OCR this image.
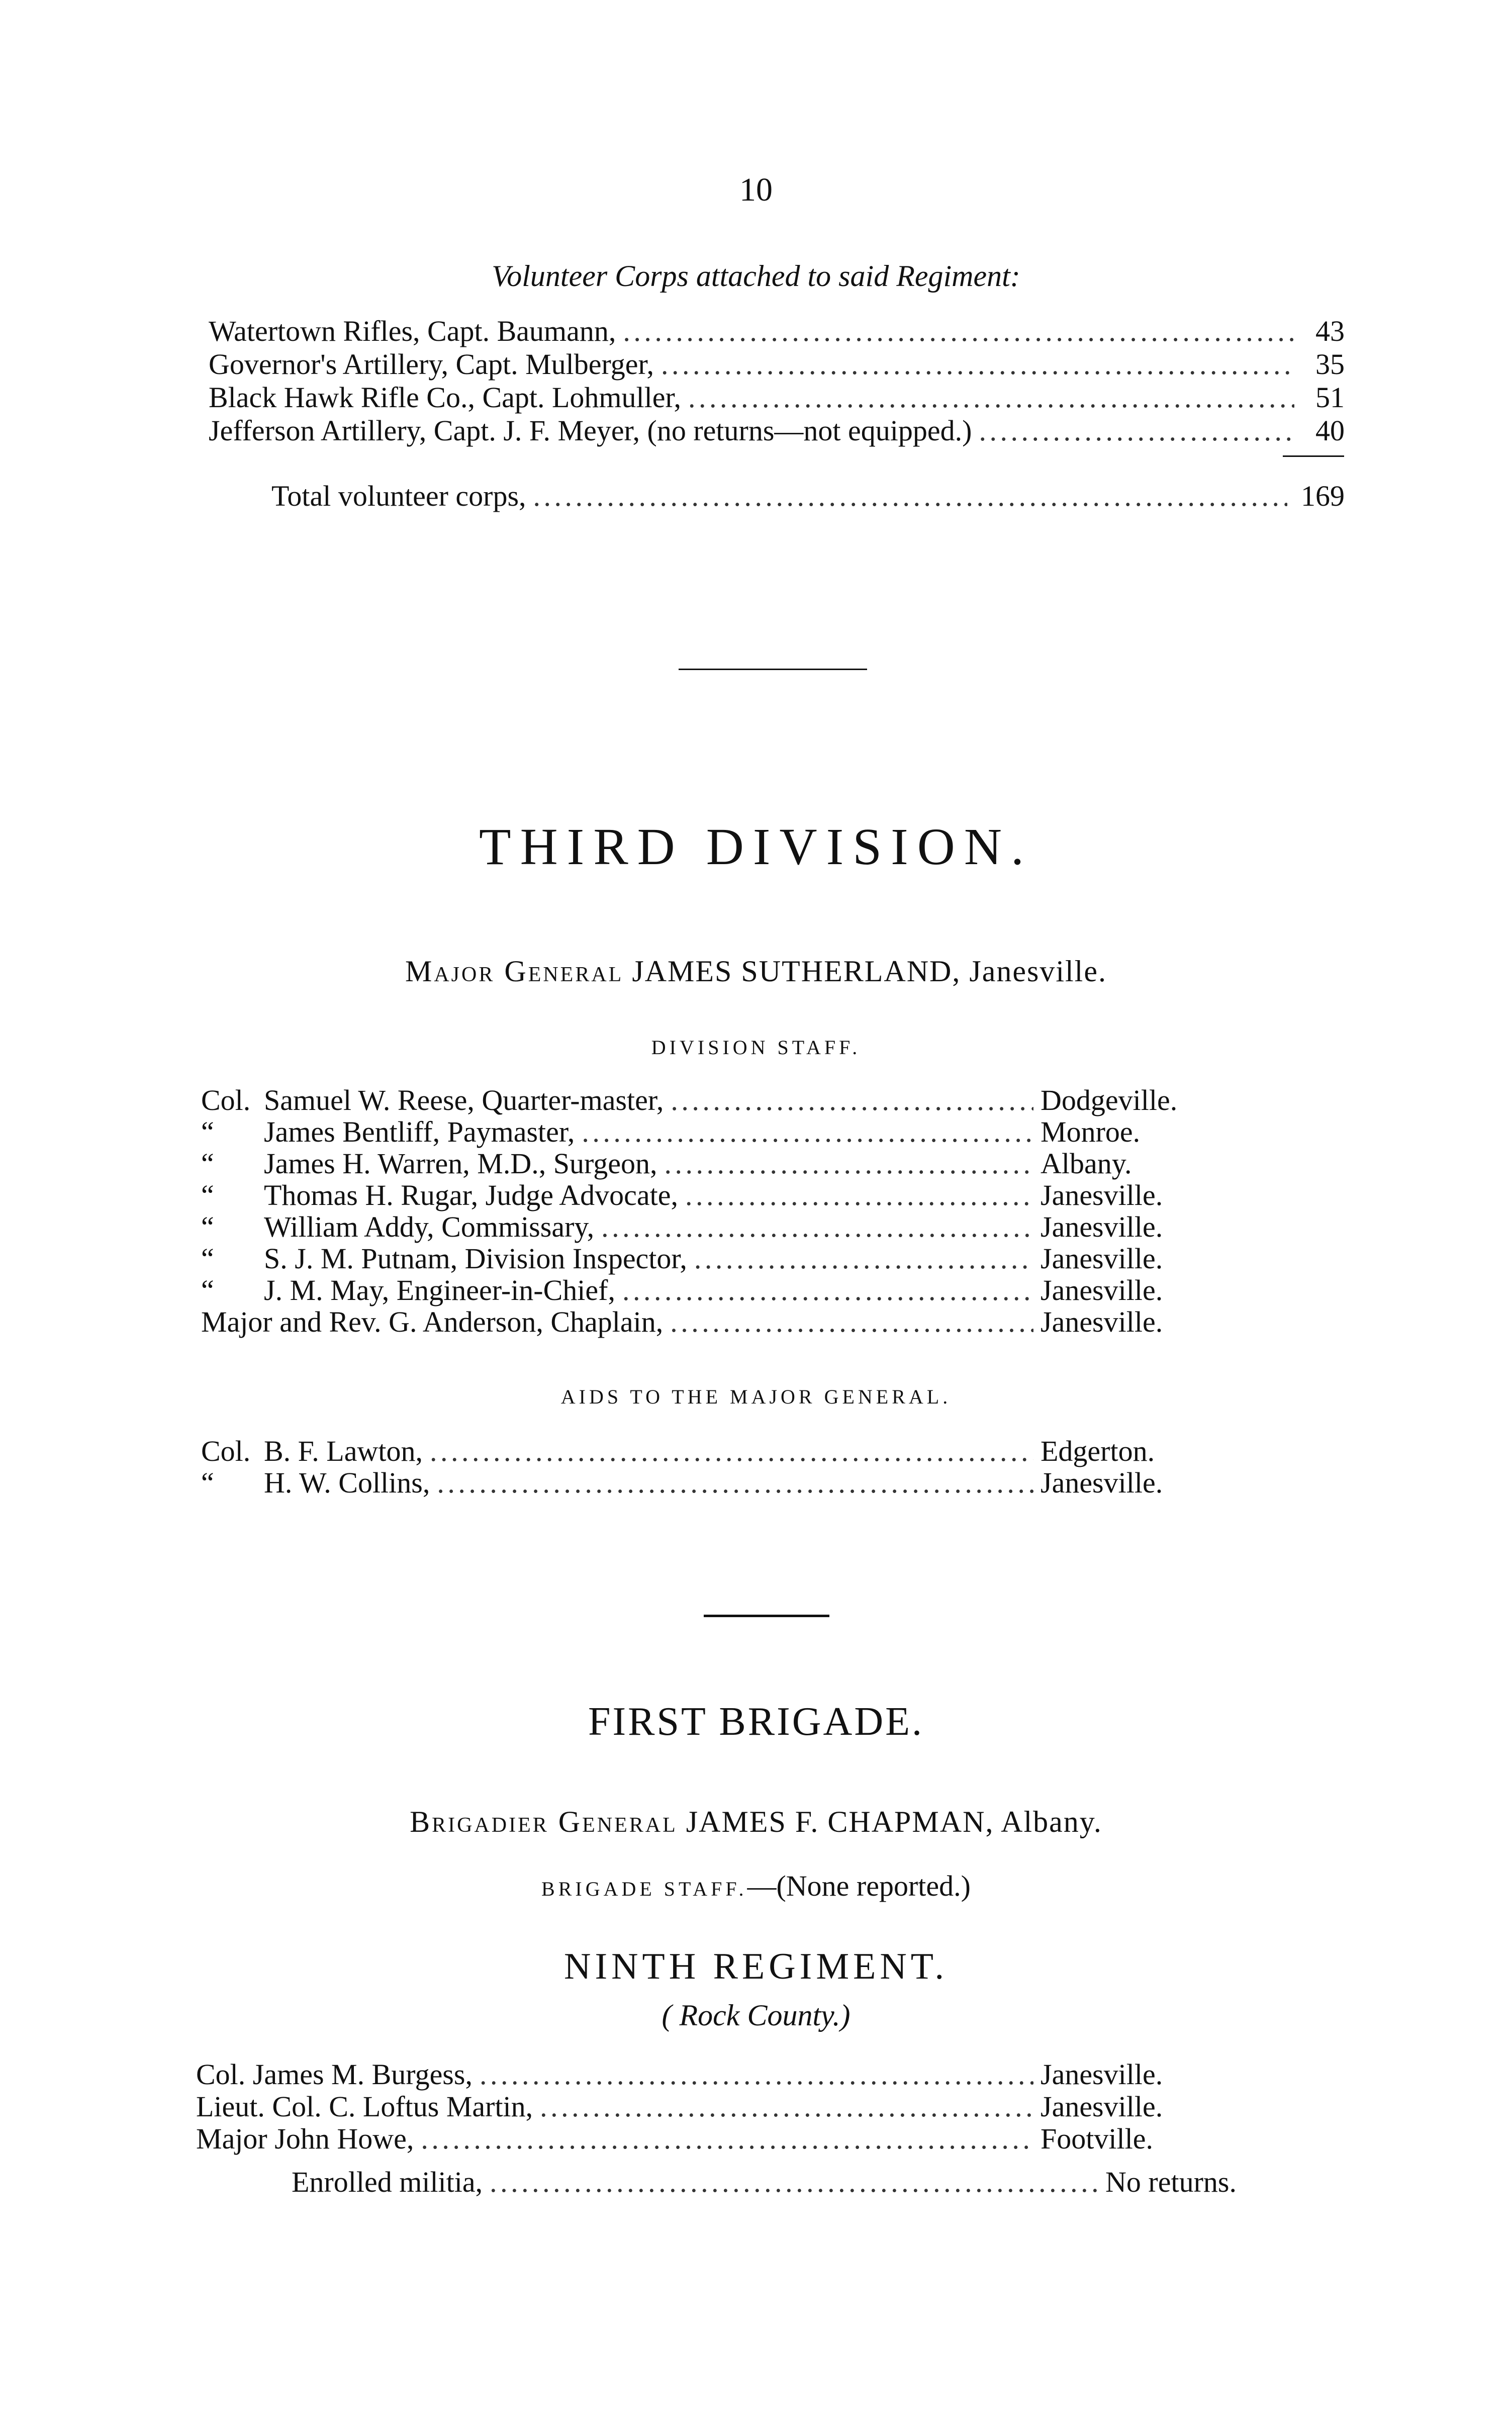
10
Volunteer Corps attached to said Regiment:
Watertown Rifles, Capt. Baumann, . . .	43
Governor's Artillery, Capt. Mulberger, . . .	35
Black Hawk Rifle Co., Capt. Lohmuller, . . .	51
Jefferson Artillery, Capt. J. F. Meyer, (no returns—not equipped.) . . .	40
Total volunteer corps, . . .	169
THIRD DIVISION.
Major General JAMES SUTHERLAND, Janesville.
DIVISION STAFF.
Col. Samuel W. Reese, Quarter-master, . . .	Dodgeville.
“ James Bentliff, Paymaster, . . .	Monroe.
“ James H. Warren, M.D., Surgeon, . . .	Albany.
“ Thomas H. Rugar, Judge Advocate, . . .	Janesville.
“ William Addy, Commissary, . . .	Janesville.
“ S. J. M. Putnam, Division Inspector, . . .	Janesville.
“ J. M. May, Engineer-in-Chief, . . .	Janesville.
Major and Rev. G. Anderson, Chaplain, . . .	Janesville.
AIDS TO THE MAJOR GENERAL.
Col. B. F. Lawton, . . .	Edgerton.
“ H. W. Collins, . . .	Janesville.
FIRST BRIGADE.
Brigadier General JAMES F. CHAPMAN, Albany.
BRIGADE STAFF.—(None reported.)
NINTH REGIMENT.
( Rock County.)
Col. James M. Burgess, . . .	Janesville.
Lieut. Col. C. Loftus Martin, . . .	Janesville.
Major John Howe, . . .	Footville.
Enrolled militia, . . .	No returns.
